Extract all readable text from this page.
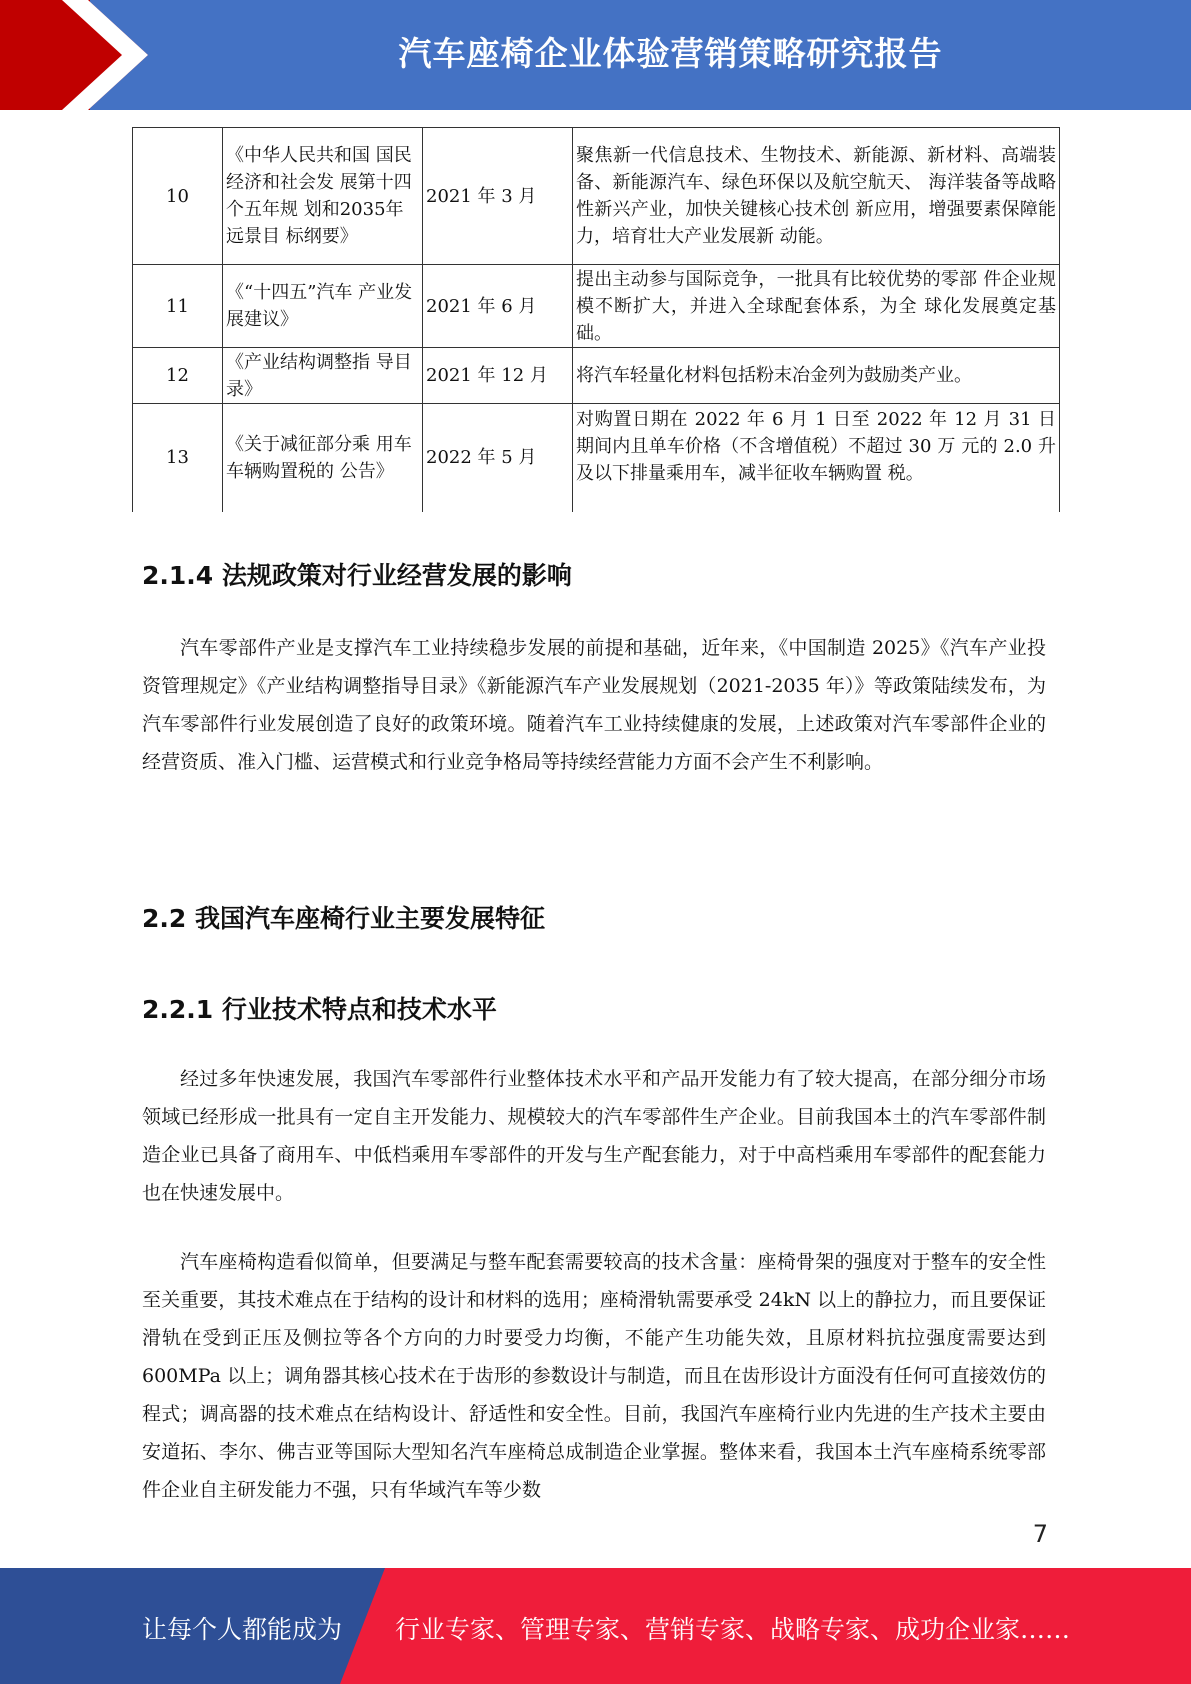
汽车座椅企业体验营销策略研究报告
10	《中华人民共和国 国民经济和社会发 展第十四个五年规 划和2035年远景目 标纲要》	2021 年 3 月	聚焦新一代信息技术、生物技术、新能源、新材料、高端装备、新能源汽车、绿色环保以及航空航天、 海洋装备等战略性新兴产业，加快关键核心技术创 新应用，增强要素保障能力，培育壮大产业发展新 动能。
11	《“十四五”汽车 产业发展建议》	2021 年 6 月	提出主动参与国际竞争，一批具有比较优势的零部 件企业规模不断扩大，并进入全球配套体系，为全 球化发展奠定基础。
12	《产业结构调整指 导目录》	2021 年 12 月	将汽车轻量化材料包括粉末冶金列为鼓励类产业。
13	《关于减征部分乘 用车车辆购置税的 公告》	2022 年 5 月	对购置日期在 2022 年 6 月 1 日至 2022 年 12 月 31 日期间内且单车价格（不含增值税）不超过 30 万 元的 2.0 升及以下排量乘用车，减半征收车辆购置 税。
2.1.4 法规政策对行业经营发展的影响
汽车零部件产业是支撑汽车工业持续稳步发展的前提和基础，近年来，《中国制造 2025》《汽车产业投资管理规定》《产业结构调整指导目录》《新能源汽车产业发展规划（2021-2035 年）》等政策陆续发布，为汽车零部件行业发展创造了良好的政策环境。随着汽车工业持续健康的发展，上述政策对汽车零部件企业的经营资质、准入门槛、运营模式和行业竞争格局等持续经营能力方面不会产生不利影响。
2.2 我国汽车座椅行业主要发展特征
2.2.1 行业技术特点和技术水平
经过多年快速发展，我国汽车零部件行业整体技术水平和产品开发能力有了较大提高，在部分细分市场领域已经形成一批具有一定自主开发能力、规模较大的汽车零部件生产企业。目前我国本土的汽车零部件制造企业已具备了商用车、中低档乘用车零部件的开发与生产配套能力，对于中高档乘用车零部件的配套能力也在快速发展中。
汽车座椅构造看似简单，但要满足与整车配套需要较高的技术含量：座椅骨架的强度对于整车的安全性至关重要，其技术难点在于结构的设计和材料的选用；座椅滑轨需要承受 24kN 以上的静拉力，而且要保证滑轨在受到正压及侧拉等各个方向的力时要受力均衡，不能产生功能失效，且原材料抗拉强度需要达到 600MPa 以上；调角器其核心技术在于齿形的参数设计与制造，而且在齿形设计方面没有任何可直接效仿的程式；调高器的技术难点在结构设计、舒适性和安全性。目前，我国汽车座椅行业内先进的生产技术主要由安道拓、李尔、佛吉亚等国际大型知名汽车座椅总成制造企业掌握。整体来看，我国本土汽车座椅系统零部件企业自主研发能力不强，只有华域汽车等少数
7
让每个人都能成为 行业专家、管理专家、营销专家、战略专家、成功企业家……
